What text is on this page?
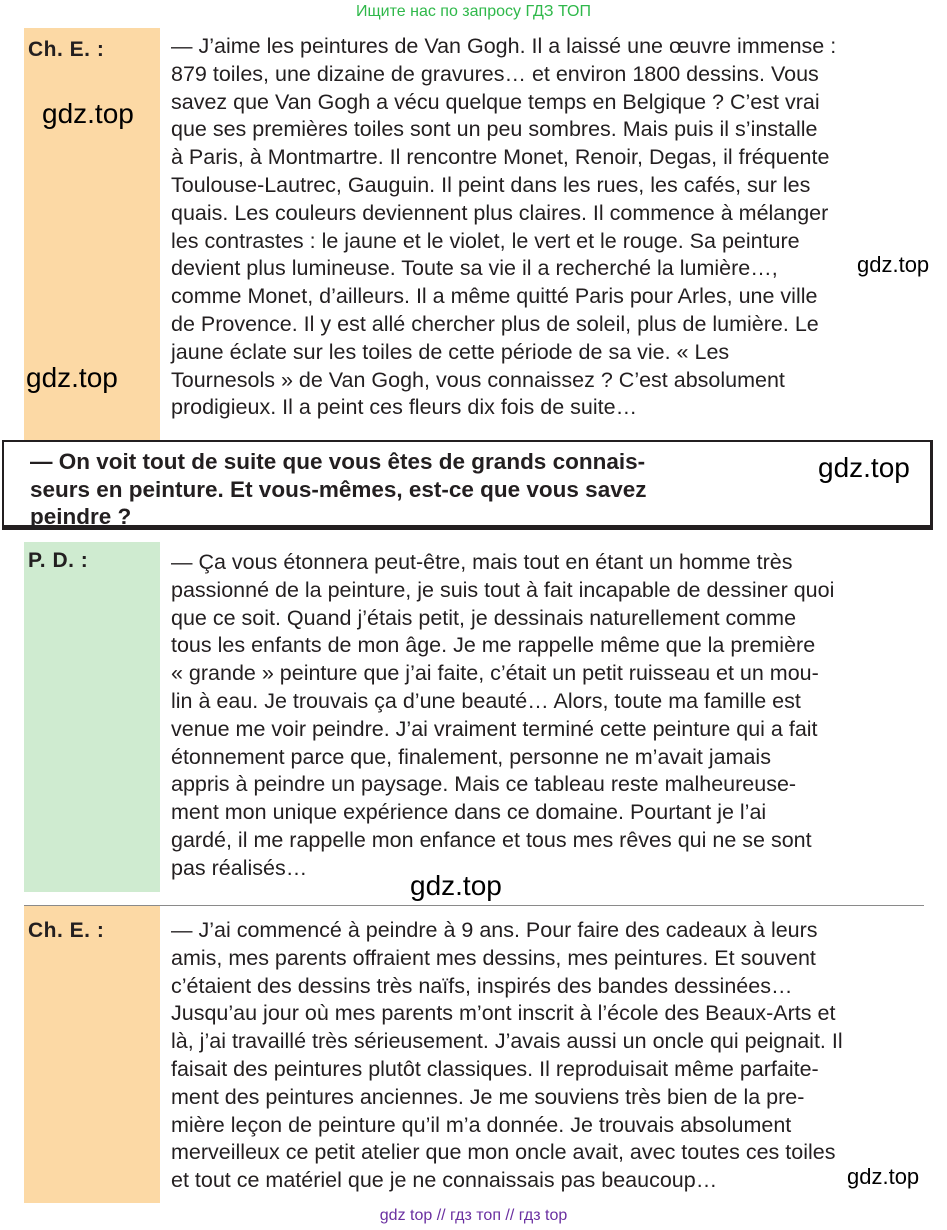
Ищите нас по запросу ГДЗ ТОП
Ch. E. :	— J’aime les peintures de Van Gogh. Il a laissé une œuvre immense :
879 toiles, une dizaine de gravures… et environ 1800 dessins. Vous
savez que Van Gogh a vécu quelque temps en Belgique ? C’est vrai
que ses premières toiles sont un peu sombres. Mais puis il s’installe
à Paris, à Montmartre. Il rencontre Monet, Renoir, Degas, il fréquente
Toulouse-Lautrec, Gauguin. Il peint dans les rues, les cafés, sur les
quais. Les couleurs deviennent plus claires. Il commence à mélanger
les contrastes : le jaune et le violet, le vert et le rouge. Sa peinture
devient plus lumineuse. Toute sa vie il a recherché la lumière…,
comme Monet, d’ailleurs. Il a même quitté Paris pour Arles, une ville
de Provence. Il y est allé chercher plus de soleil, plus de lumière. Le
jaune éclate sur les toiles de cette période de sa vie. « Les
Tournesols » de Van Gogh, vous connaissez ? C’est absolument
prodigieux. Il a peint ces fleurs dix fois de suite…

— On voit tout de suite que vous êtes de grands connais-
seurs en peinture. Et vous-mêmes, est-ce que vous savez
peindre ?

P. D. :	— Ça vous étonnera peut-être, mais tout en étant un homme très
passionné de la peinture, je suis tout à fait incapable de dessiner quoi
que ce soit. Quand j’étais petit, je dessinais naturellement comme
tous les enfants de mon âge. Je me rappelle même que la première
« grande » peinture que j’ai faite, c’était un petit ruisseau et un mou-
lin à eau. Je trouvais ça d’une beauté… Alors, toute ma famille est
venue me voir peindre. J’ai vraiment terminé cette peinture qui a fait
étonnement parce que, finalement, personne ne m’avait jamais
appris à peindre un paysage. Mais ce tableau reste malheureuse-
ment mon unique expérience dans ce domaine. Pourtant je l’ai
gardé, il me rappelle mon enfance et tous mes rêves qui ne se sont
pas réalisés…
Ch. E. :	— J’ai commencé à peindre à 9 ans. Pour faire des cadeaux à leurs
amis, mes parents offraient mes dessins, mes peintures. Et souvent
c’étaient des dessins très naïfs, inspirés des bandes dessinées…
Jusqu’au jour où mes parents m’ont inscrit à l’école des Beaux-Arts et
là, j’ai travaillé très sérieusement. J’avais aussi un oncle qui peignait. Il
faisait des peintures plutôt classiques. Il reproduisait même parfaite-
ment des peintures anciennes. Je me souviens très bien de la pre-
mière leçon de peinture qu’il m’a donnée. Je trouvais absolument
merveilleux ce petit atelier que mon oncle avait, avec toutes ces toiles
et tout ce matériel que je ne connaissais pas beaucoup…
gdz.top
gdz.top
gdz.top
gdz.top
gdz.top
gdz.top
gdz top // гдз топ // гдз top
